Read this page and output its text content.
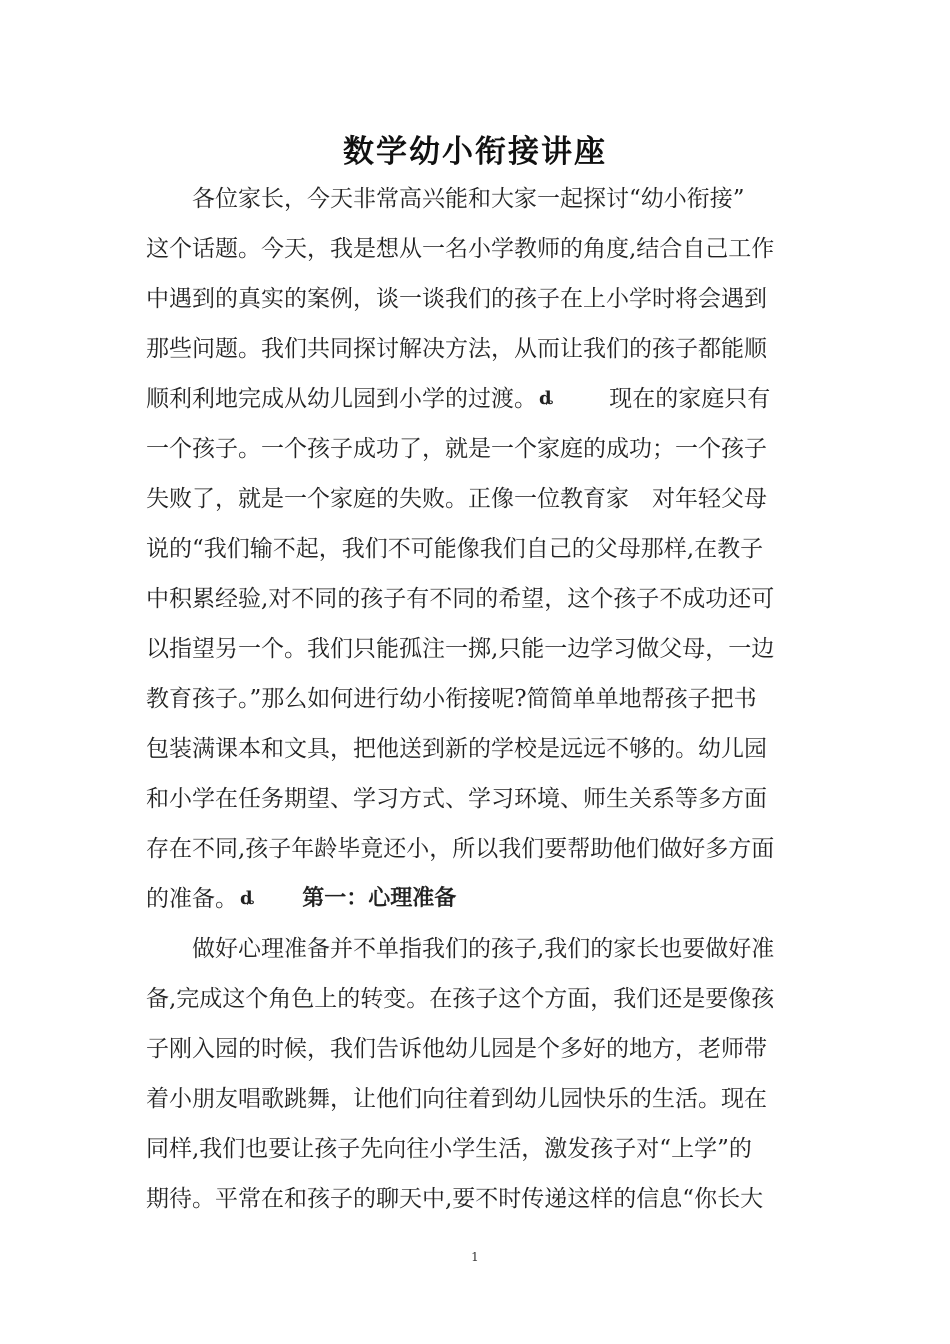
数学幼小衔接讲座
　　各位家长，今天非常高兴能和大家一起探讨“幼小衔接”
这个话题。今天，我是想从一名小学教师的角度,结合自己工作
中遇到的真实的案例，谈一谈我们的孩子在上小学时将会遇到
那些问题。我们共同探讨解决方法，从而让我们的孩子都能顺
顺利利地完成从幼儿园到小学的过渡。 ȡ 现在的家庭只有
一个孩子。一个孩子成功了，就是一个家庭的成功；一个孩子
失败了，就是一个家庭的失败。正像一位教育家　对年轻父母
说的“我们输不起，我们不可能像我们自己的父母那样,在教子
中积累经验,对不同的孩子有不同的希望，这个孩子不成功还可
以指望另一个。我们只能孤注一掷,只能一边学习做父母，一边
教育孩子。”那么如何进行幼小衔接呢?简简单单地帮孩子把书
包装满课本和文具，把他送到新的学校是远远不够的。幼儿园
和小学在任务期望、学习方式、学习环境、师生关系等多方面
存在不同,孩子年龄毕竟还小，所以我们要帮助他们做好多方面
的准备。 ȡ 第一：心理准备
　　做好心理准备并不单指我们的孩子,我们的家长也要做好准
备,完成这个角色上的转变。在孩子这个方面，我们还是要像孩
子刚入园的时候，我们告诉他幼儿园是个多好的地方，老师带
着小朋友唱歌跳舞，让他们向往着到幼儿园快乐的生活。现在
同样,我们也要让孩子先向往小学生活，激发孩子对“上学”的
期待。平常在和孩子的聊天中,要不时传递这样的信息“你长大
1
